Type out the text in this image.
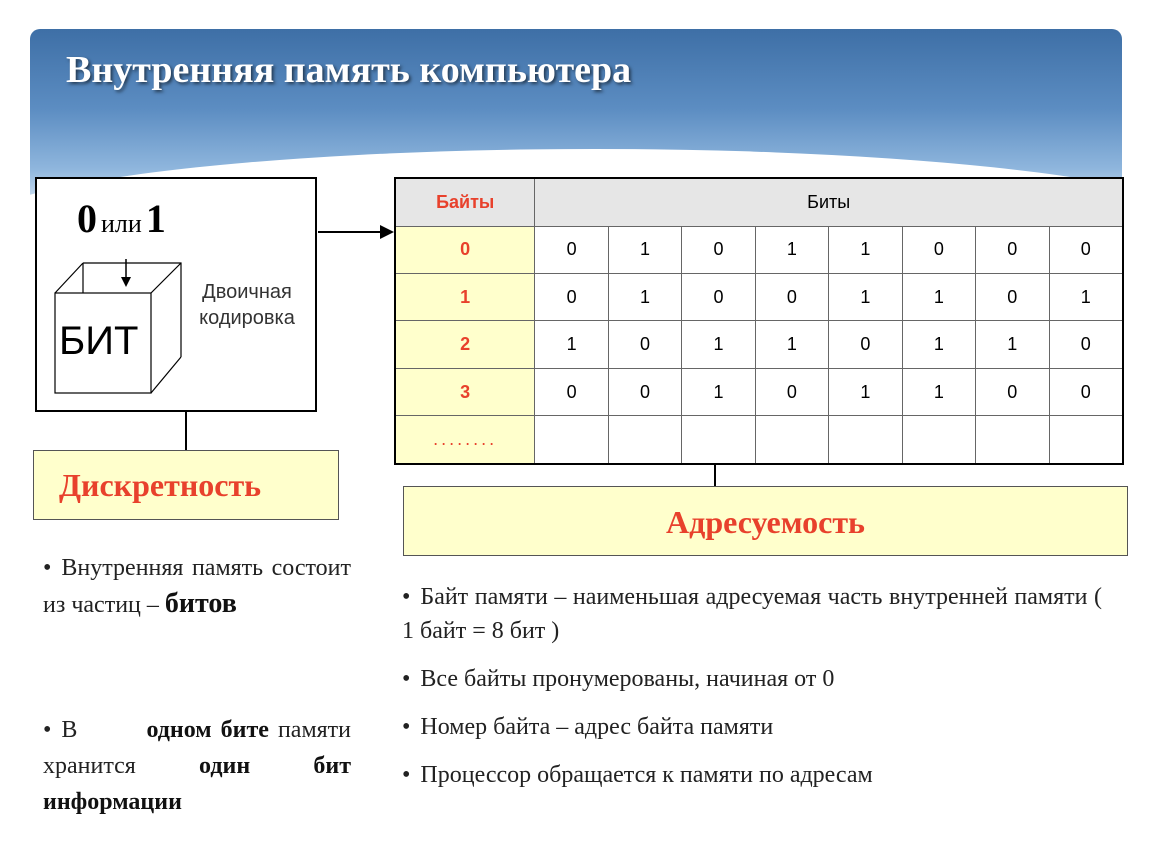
Внутренняя память компьютера
0 или 1
БИТ
Двоичная кодировка
Дискретность
Адресуемость
Байты	Биты							
0	0	1	0	1	1	0	0	0
1	0	1	0	0	1	1	0	1
2	1	0	1	1	0	1	1	0
3	0	0	1	0	1	1	0	0
........								
• Внутренняя память состоит из частиц – битов
• В	одном бите памяти хранится	один бит информации
• Байт памяти – наименьшая адресуемая часть внутренней памяти ( 1 байт = 8 бит )
• Все байты пронумерованы, начиная от 0
• Номер байта – адрес байта памяти
• Процессор обращается к памяти по адресам
